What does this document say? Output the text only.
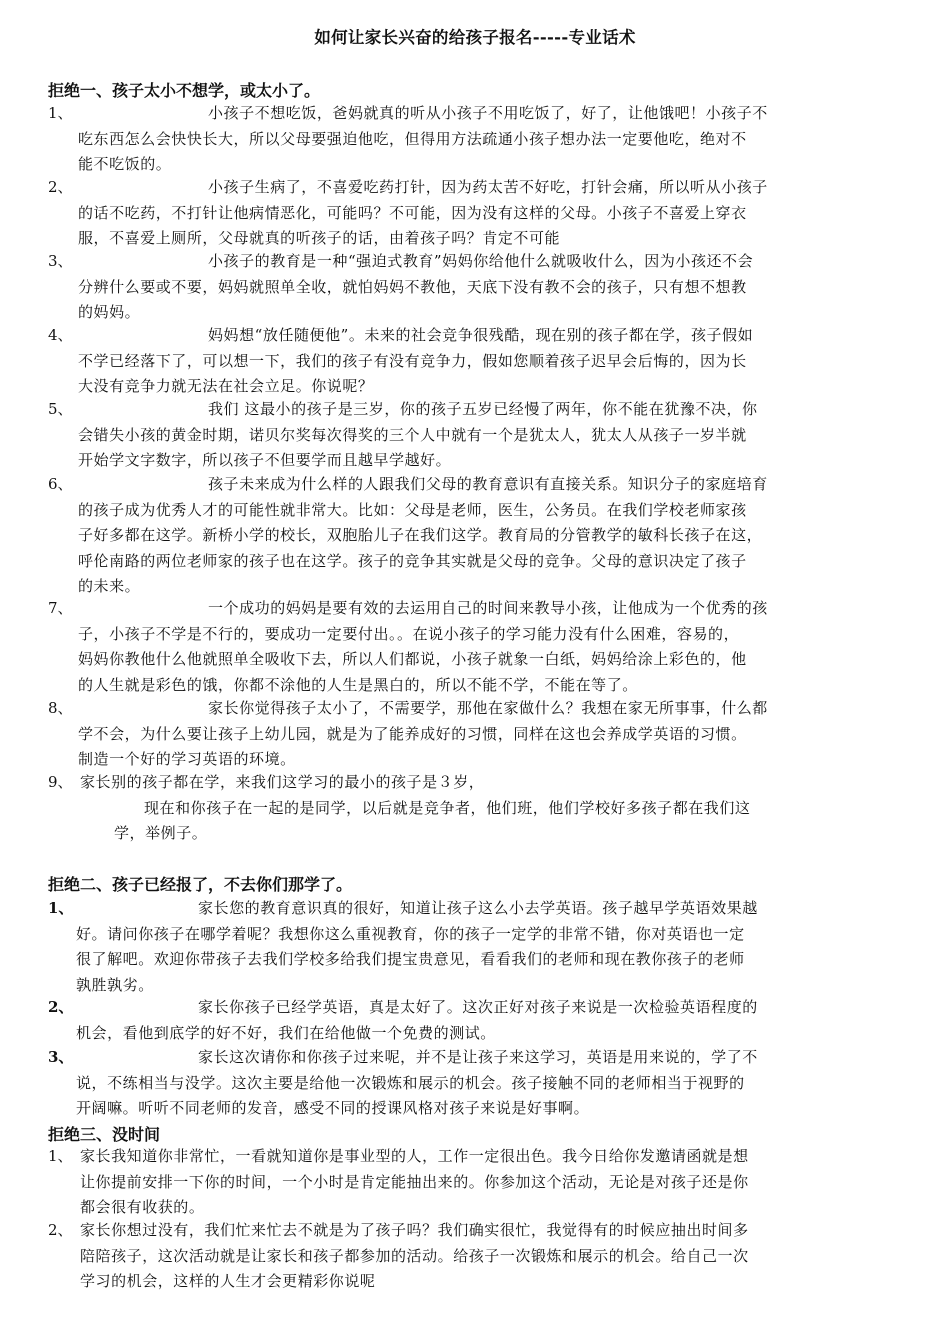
如何让家长兴奋的给孩子报名-----专业话术
拒绝一、孩子太小不想学，或太小了。
1、	小孩子不想吃饭，爸妈就真的听从小孩子不用吃饭了，好了，让他饿吧！小孩子不
吃东西怎么会快快长大，所以父母要强迫他吃，但得用方法疏通小孩子想办法一定要他吃，绝对不
能不吃饭的。
2、	小孩子生病了，不喜爱吃药打针，因为药太苦不好吃，打针会痛，所以听从小孩子
的话不吃药，不打针让他病情恶化，可能吗？不可能，因为没有这样的父母。小孩子不喜爱上穿衣
服，不喜爱上厕所，父母就真的听孩子的话，由着孩子吗？肯定不可能
3、	小孩子的教育是一种“强迫式教育”妈妈你给他什么就吸收什么，因为小孩还不会
分辨什么要或不要，妈妈就照单全收，就怕妈妈不教他，天底下没有教不会的孩子，只有想不想教
的妈妈。
4、	妈妈想“放任随便他”。未来的社会竞争很残酷，现在别的孩子都在学，孩子假如
不学已经落下了，可以想一下，我们的孩子有没有竞争力，假如您顺着孩子迟早会后悔的，因为长
大没有竞争力就无法在社会立足。你说呢？
5、	我们 这最小的孩子是三岁，你的孩子五岁已经慢了两年，你不能在犹豫不决，你
会错失小孩的黄金时期，诺贝尔奖每次得奖的三个人中就有一个是犹太人，犹太人从孩子一岁半就
开始学文字数字，所以孩子不但要学而且越早学越好。
6、	孩子未来成为什么样的人跟我们父母的教育意识有直接关系。知识分子的家庭培育
的孩子成为优秀人才的可能性就非常大。比如：父母是老师，医生，公务员。在我们学校老师家孩
子好多都在这学。新桥小学的校长，双胞胎儿子在我们这学。教育局的分管教学的敏科长孩子在这，
呼伦南路的两位老师家的孩子也在这学。孩子的竞争其实就是父母的竞争。父母的意识决定了孩子
的未来。
7、	一个成功的妈妈是要有效的去运用自己的时间来教导小孩，让他成为一个优秀的孩
子，小孩子不学是不行的，要成功一定要付出。。在说小孩子的学习能力没有什么困难，容易的，
妈妈你教他什么他就照单全吸收下去，所以人们都说，小孩子就象一白纸，妈妈给涂上彩色的，他
的人生就是彩色的饿，你都不涂他的人生是黑白的，所以不能不学，不能在等了。
8、	家长你觉得孩子太小了，不需要学，那他在家做什么？我想在家无所事事，什么都
学不会，为什么要让孩子上幼儿园，就是为了能养成好的习惯，同样在这也会养成学英语的习惯。
制造一个好的学习英语的环境。
9、 家长别的孩子都在学，来我们这学习的最小的孩子是３岁，
现在和你孩子在一起的是同学，以后就是竞争者，他们班，他们学校好多孩子都在我们这
学，举例子。
拒绝二、孩子已经报了，不去你们那学了。
1、	家长您的教育意识真的很好，知道让孩子这么小去学英语。孩子越早学英语效果越
好。请问你孩子在哪学着呢？我想你这么重视教育，你的孩子一定学的非常不错，你对英语也一定
很了解吧。欢迎你带孩子去我们学校多给我们提宝贵意见，看看我们的老师和现在教你孩子的老师
孰胜孰劣。
2、	家长你孩子已经学英语，真是太好了。这次正好对孩子来说是一次检验英语程度的
机会，看他到底学的好不好，我们在给他做一个免费的测试。
3、	家长这次请你和你孩子过来呢，并不是让孩子来这学习，英语是用来说的，学了不
说，不练相当与没学。这次主要是给他一次锻炼和展示的机会。孩子接触不同的老师相当于视野的
开阔嘛。听听不同老师的发音，感受不同的授课风格对孩子来说是好事啊。
拒绝三、没时间
1、 家长我知道你非常忙，一看就知道你是事业型的人，工作一定很出色。我今日给你发邀请函就是想
让你提前安排一下你的时间，一个小时是肯定能抽出来的。你参加这个活动，无论是对孩子还是你
都会很有收获的。
2、 家长你想过没有，我们忙来忙去不就是为了孩子吗？我们确实很忙，我觉得有的时候应抽出时间多
陪陪孩子，这次活动就是让家长和孩子都参加的活动。给孩子一次锻炼和展示的机会。给自己一次
学习的机会，这样的人生才会更精彩你说呢
